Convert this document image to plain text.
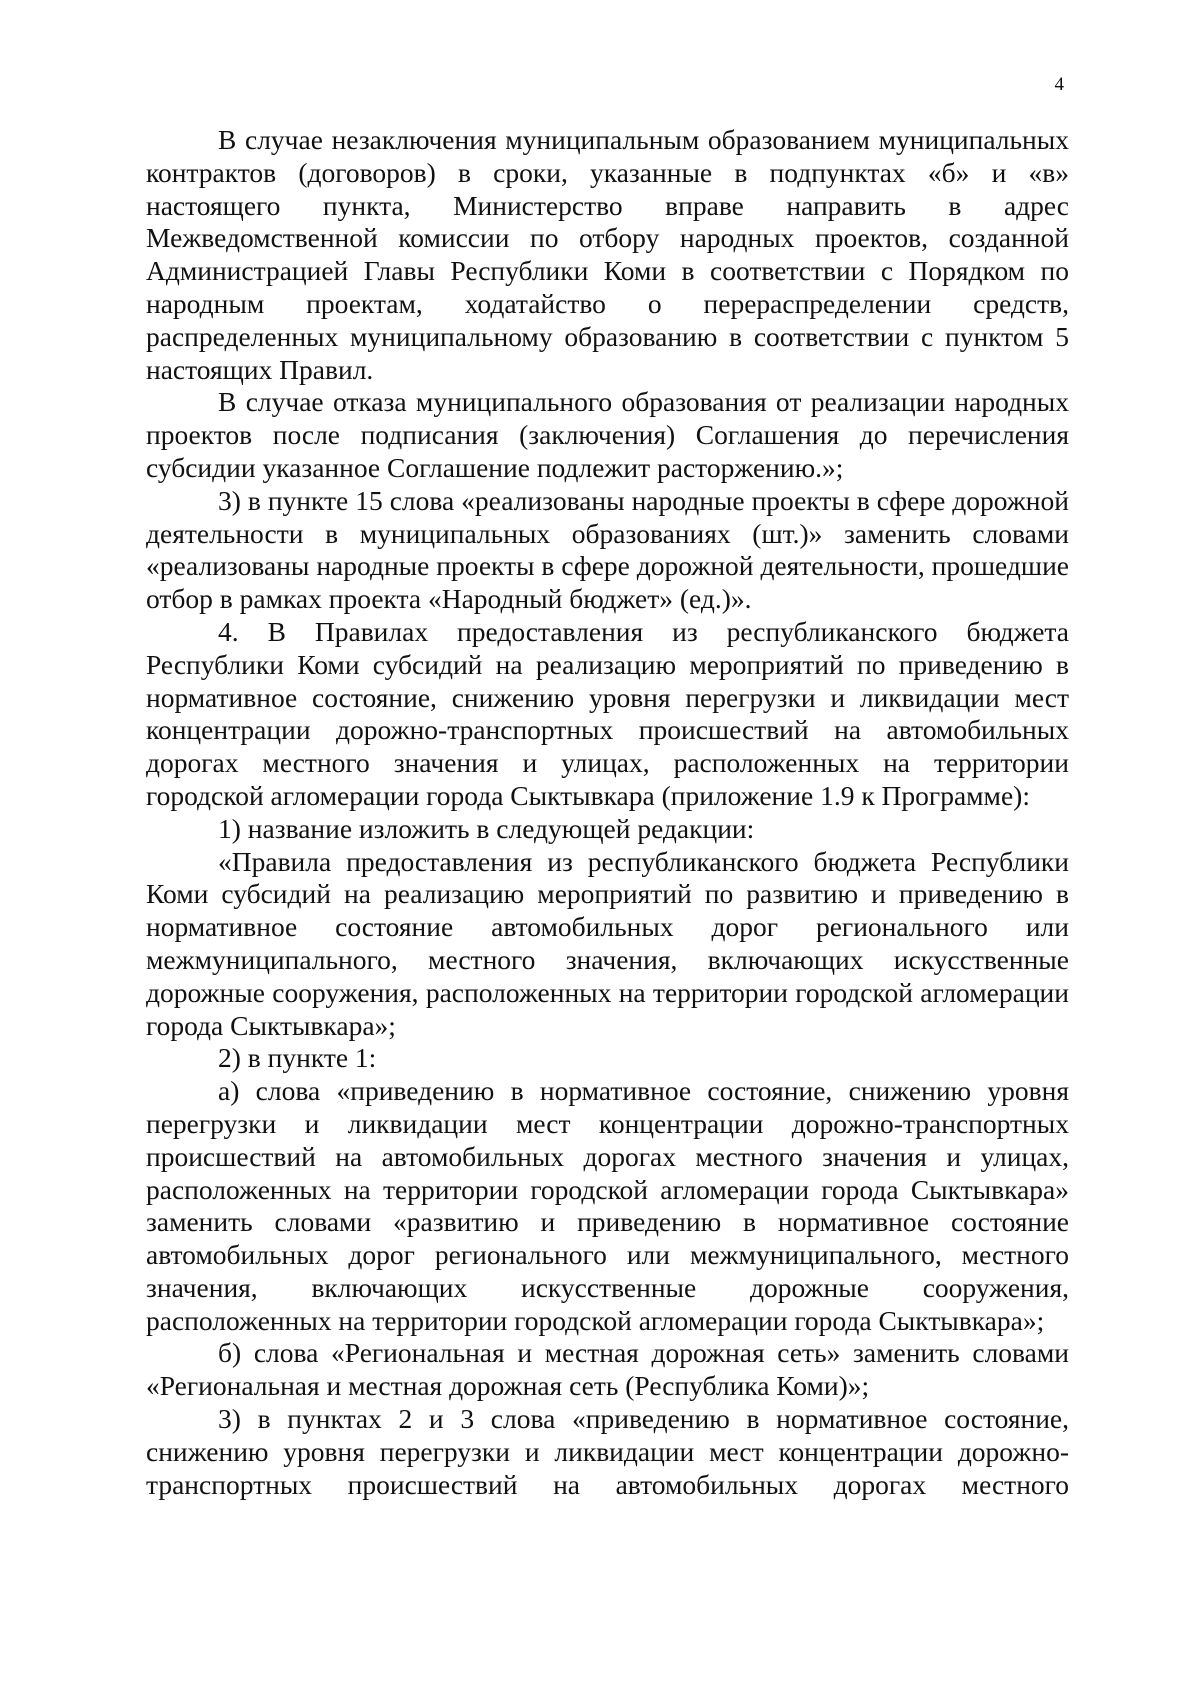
4

В случае незаключения муниципальным образованием муниципальных контрактов (договоров) в сроки, указанные в подпунктах «б» и «в» настоящего пункта, Министерство вправе направить в адрес Межведомственной комиссии по отбору народных проектов, созданной Администрацией Главы Республики Коми в соответствии с Порядком по народным проектам, ходатайство о перераспределении средств, распределенных муниципальному образованию в соответствии с пунктом 5 настоящих Правил.

В случае отказа муниципального образования от реализации народных проектов после подписания (заключения) Соглашения до перечисления субсидии указанное Соглашение подлежит расторжению.»;

3) в пункте 15 слова «реализованы народные проекты в сфере дорожной деятельности в муниципальных образованиях (шт.)» заменить словами «реализованы народные проекты в сфере дорожной деятельности, прошедшие отбор в рамках проекта «Народный бюджет» (ед.)».

4. В Правилах предоставления из республиканского бюджета Республики Коми субсидий на реализацию мероприятий по приведению в нормативное состояние, снижению уровня перегрузки и ликвидации мест концентрации дорожно-транспортных происшествий на автомобильных дорогах местного значения и улицах, расположенных на территории городской агломерации города Сыктывкара (приложение 1.9 к Программе):

1) название изложить в следующей редакции:

«Правила предоставления из республиканского бюджета Республики Коми субсидий на реализацию мероприятий по развитию и приведению в нормативное состояние автомобильных дорог регионального или межмуниципального, местного значения, включающих искусственные дорожные сооружения, расположенных на территории городской агломерации города Сыктывкара»;

2) в пункте 1:

а) слова «приведению в нормативное состояние, снижению уровня перегрузки и ликвидации мест концентрации дорожно-транспортных происшествий на автомобильных дорогах местного значения и улицах, расположенных на территории городской агломерации города Сыктывкара» заменить словами «развитию и приведению в нормативное состояние автомобильных дорог регионального или межмуниципального, местного значения, включающих искусственные дорожные сооружения, расположенных на территории городской агломерации города Сыктывкара»;

б) слова «Региональная и местная дорожная сеть» заменить словами «Региональная и местная дорожная сеть (Республика Коми)»;

3) в пунктах 2 и 3 слова «приведению в нормативное состояние, снижению уровня перегрузки и ликвидации мест концентрации дорожно-транспортных происшествий на автомобильных дорогах местного
